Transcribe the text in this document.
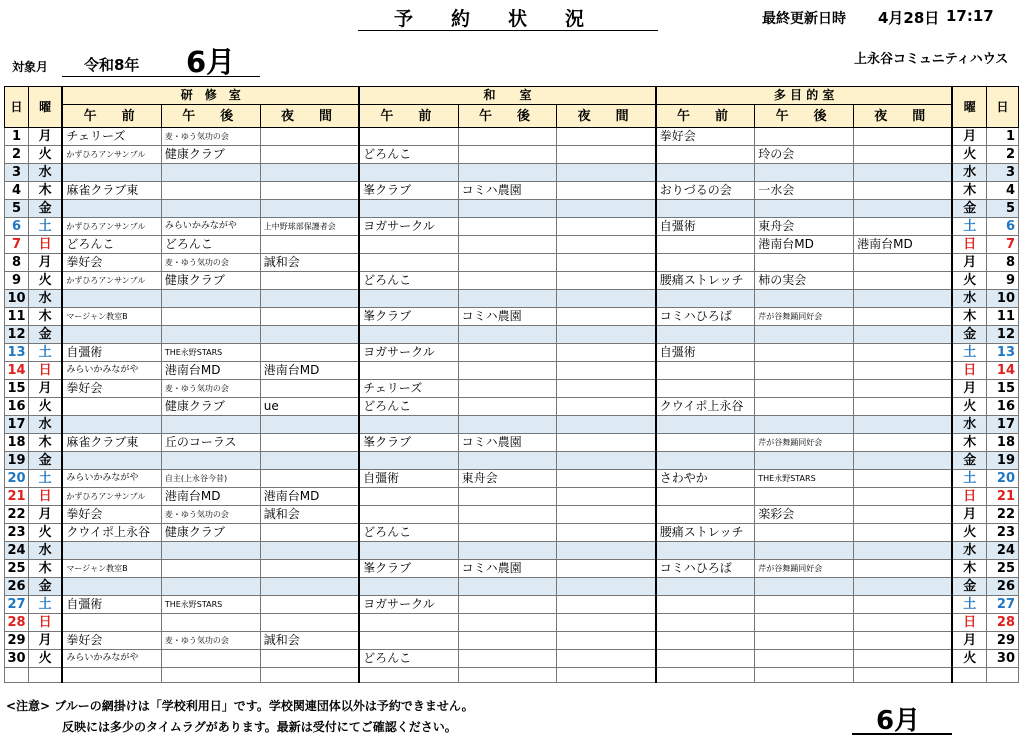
予約状況	最終更新日時 4月28日 17:17
対象月 令和8年 6月	上永谷コミュニティハウス
日	曜	研　修　室			和　　室			多 目 的 室			曜	日
		午　前	午　後	夜　間	午　前	午　後	夜　間	午　前	午　後	夜　間		
1	月	チェリーズ	麦・ゆう気功の会					拳好会			月	1
2	火	かずひろアンサンブル	健康クラブ		どろんこ				玲の会		火	2
3	水										水	3
4	木	麻雀クラブ東			峯クラブ	コミハ農園		おりづるの会	一水会		木	4
5	金										金	5
6	土	かずひろアンサンブル	みらいかみながや	上中野球部保護者会	ヨガサークル			自彊術	東舟会		土	6
7	日	どろんこ	どろんこ						港南台MD	港南台MD	日	7
8	月	拳好会	麦・ゆう気功の会	誠和会							月	8
9	火	かずひろアンサンブル	健康クラブ		どろんこ			腰痛ストレッチ	柿の実会		火	9
10	水										水	10
11	木	マージャン教室B			峯クラブ	コミハ農園		コミハひろば	芹が谷舞踊同好会		木	11
12	金										金	12
13	土	自彊術	THE永野STARS		ヨガサークル			自彊術			土	13
14	日	みらいかみながや	港南台MD	港南台MD							日	14
15	月	拳好会	麦・ゆう気功の会		チェリーズ						月	15
16	火		健康クラブ	ue	どろんこ			クウイポ上永谷			火	16
17	水										水	17
18	木	麻雀クラブ東	丘のコーラス		峯クラブ	コミハ農園			芹が谷舞踊同好会		木	18
19	金										金	19
20	土	みらいかみながや	自主(上永谷今昔)		自彊術	東舟会		さわやか	THE永野STARS		土	20
21	日	かずひろアンサンブル	港南台MD	港南台MD							日	21
22	月	拳好会	麦・ゆう気功の会	誠和会					楽彩会		月	22
23	火	クウイポ上永谷	健康クラブ		どろんこ			腰痛ストレッチ			火	23
24	水										水	24
25	木	マージャン教室B			峯クラブ	コミハ農園		コミハひろば	芹が谷舞踊同好会		木	25
26	金										金	26
27	土	自彊術	THE永野STARS		ヨガサークル						土	27
28	日										日	28
29	月	拳好会	麦・ゆう気功の会	誠和会							月	29
30	火	みらいかみながや			どろんこ						火	30

<注意> ブルーの網掛けは「学校利用日」です。学校関連団体以外は予約できません。
反映には多少のタイムラグがあります。最新は受付にてご確認ください。	6月
